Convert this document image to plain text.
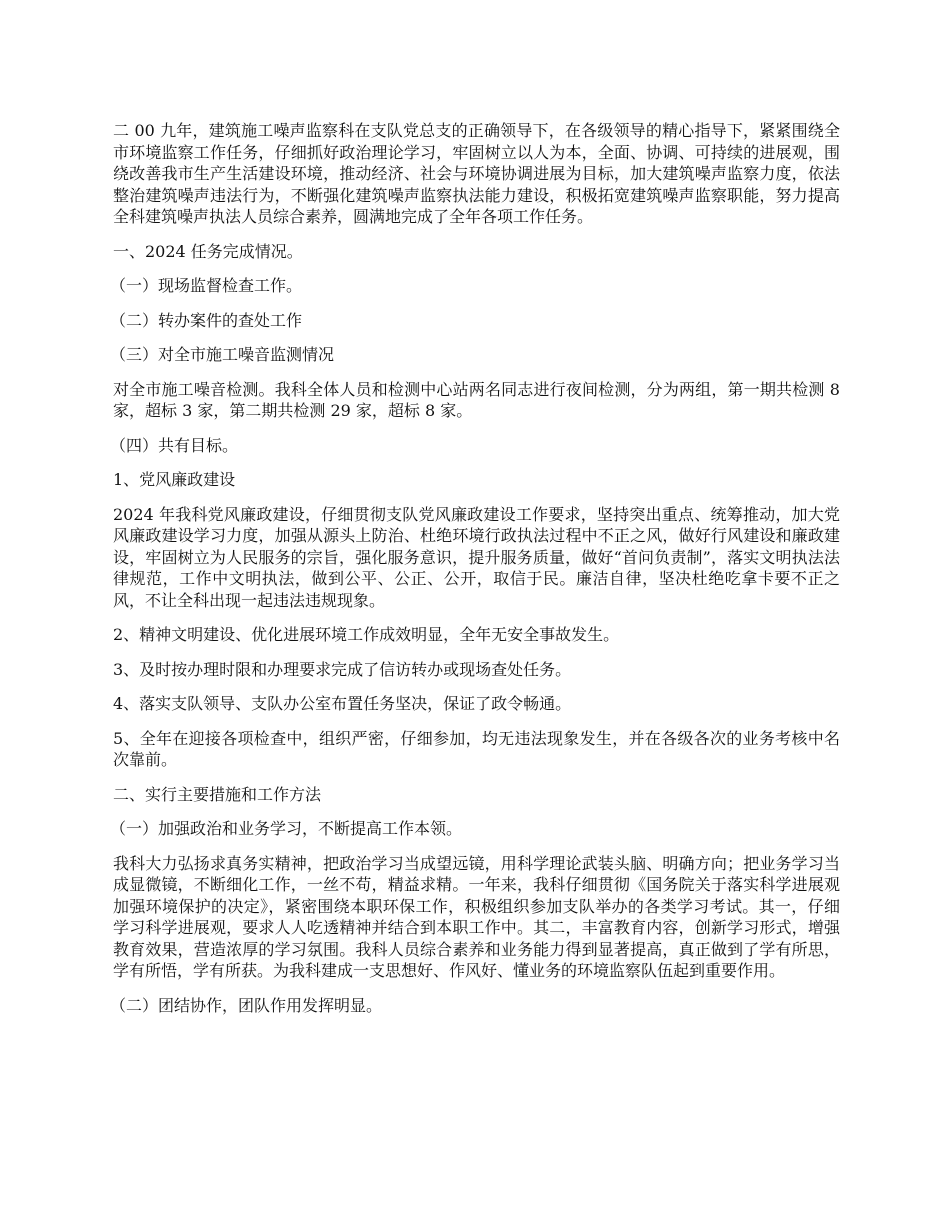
二 00 九年，建筑施工噪声监察科在支队党总支的正确领导下，在各级领导的精心指导下，紧紧围绕全市环境监察工作任务，仔细抓好政治理论学习，牢固树立以人为本，全面、协调、可持续的进展观，围绕改善我市生产生活建设环境，推动经济、社会与环境协调进展为目标，加大建筑噪声监察力度，依法整治建筑噪声违法行为，不断强化建筑噪声监察执法能力建设，积极拓宽建筑噪声监察职能，努力提高全科建筑噪声执法人员综合素养，圆满地完成了全年各项工作任务。

一、2024 任务完成情况。

（一）现场监督检查工作。

（二）转办案件的查处工作

（三）对全市施工噪音监测情况

对全市施工噪音检测。我科全体人员和检测中心站两名同志进行夜间检测，分为两组，第一期共检测 8 家，超标 3 家，第二期共检测 29 家，超标 8 家。

（四）共有目标。

1、党风廉政建设

2024 年我科党风廉政建设，仔细贯彻支队党风廉政建设工作要求，坚持突出重点、统筹推动，加大党风廉政建设学习力度，加强从源头上防治、杜绝环境行政执法过程中不正之风，做好行风建设和廉政建设，牢固树立为人民服务的宗旨，强化服务意识，提升服务质量，做好“首问负责制”，落实文明执法法律规范，工作中文明执法，做到公平、公正、公开，取信于民。廉洁自律，坚决杜绝吃拿卡要不正之风，不让全科出现一起违法违规现象。

2、精神文明建设、优化进展环境工作成效明显，全年无安全事故发生。

3、及时按办理时限和办理要求完成了信访转办或现场查处任务。

4、落实支队领导、支队办公室布置任务坚决，保证了政令畅通。

5、全年在迎接各项检查中，组织严密，仔细参加，均无违法现象发生，并在各级各次的业务考核中名次靠前。

二、实行主要措施和工作方法

（一）加强政治和业务学习，不断提高工作本领。

我科大力弘扬求真务实精神，把政治学习当成望远镜，用科学理论武装头脑、明确方向；把业务学习当成显微镜，不断细化工作，一丝不苟，精益求精。一年来，我科仔细贯彻《国务院关于落实科学进展观加强环境保护的决定》，紧密围绕本职环保工作，积极组织参加支队举办的各类学习考试。其一，仔细学习科学进展观，要求人人吃透精神并结合到本职工作中。其二，丰富教育内容，创新学习形式，增强教育效果，营造浓厚的学习氛围。我科人员综合素养和业务能力得到显著提高，真正做到了学有所思，学有所悟，学有所获。为我科建成一支思想好、作风好、懂业务的环境监察队伍起到重要作用。

（二）团结协作，团队作用发挥明显。
